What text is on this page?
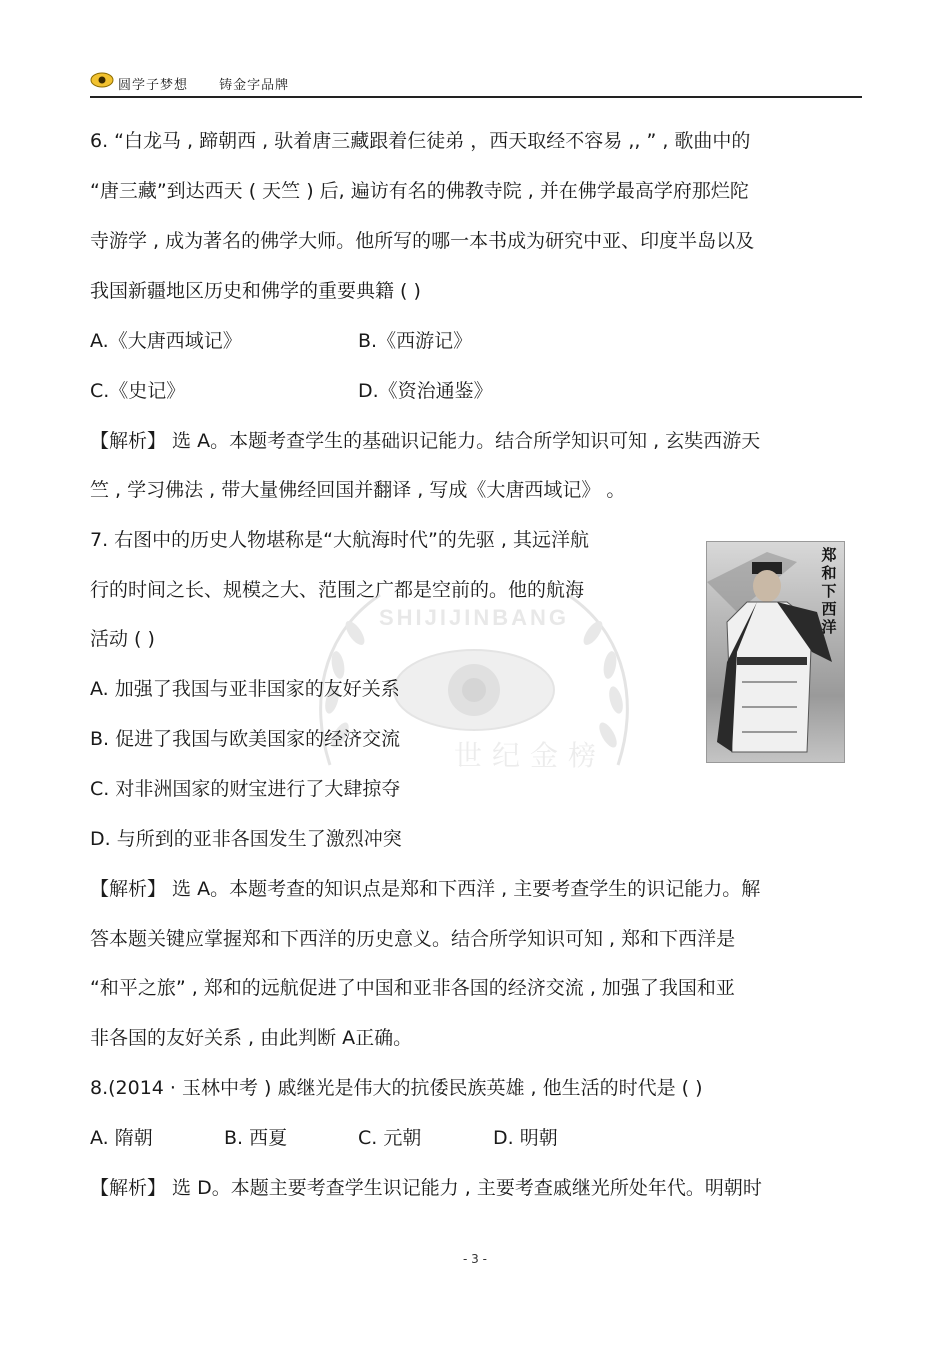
圆学子梦想 铸金字品牌
SHIJIJINBANG
世纪金榜
6. “白龙马 , 蹄朝西 , 驮着唐三藏跟着仨徒弟 ，西天取经不容易 ,, ” , 歌曲中的
“唐三藏”到达西天 ( 天竺 ) 后, 遍访有名的佛教寺院 , 并在佛学最高学府那烂陀
寺游学 , 成为著名的佛学大师。他所写的哪一本书成为研究中亚、印度半岛以及
我国新疆地区历史和佛学的重要典籍 ( )
A.《大唐西域记》	B.《西游记》
C.《史记》	D.《资治通鉴》
【解析】 选 A。本题考查学生的基础识记能力。结合所学知识可知 , 玄奘西游天
竺 , 学习佛法 , 带大量佛经回国并翻译 , 写成《大唐西域记》 。
7. 右图中的历史人物堪称是“大航海时代”的先驱 , 其远洋航
行的时间之长、规模之大、范围之广都是空前的。他的航海
活动 ( )
A. 加强了我国与亚非国家的友好关系
B. 促进了我国与欧美国家的经济交流
C. 对非洲国家的财宝进行了大肆掠夺
D. 与所到的亚非各国发生了激烈冲突
郑和下西洋
【解析】 选 A。本题考查的知识点是郑和下西洋 , 主要考查学生的识记能力。解
答本题关键应掌握郑和下西洋的历史意义。结合所学知识可知 , 郑和下西洋是
“和平之旅” , 郑和的远航促进了中国和亚非各国的经济交流 , 加强了我国和亚
非各国的友好关系 , 由此判断 A正确。
8.(2014 · 玉林中考 ) 戚继光是伟大的抗倭民族英雄 , 他生活的时代是 ( )
A. 隋朝	B. 西夏	C. 元朝	D. 明朝
【解析】 选 D。本题主要考查学生识记能力 , 主要考查戚继光所处年代。明朝时
- 3 -
